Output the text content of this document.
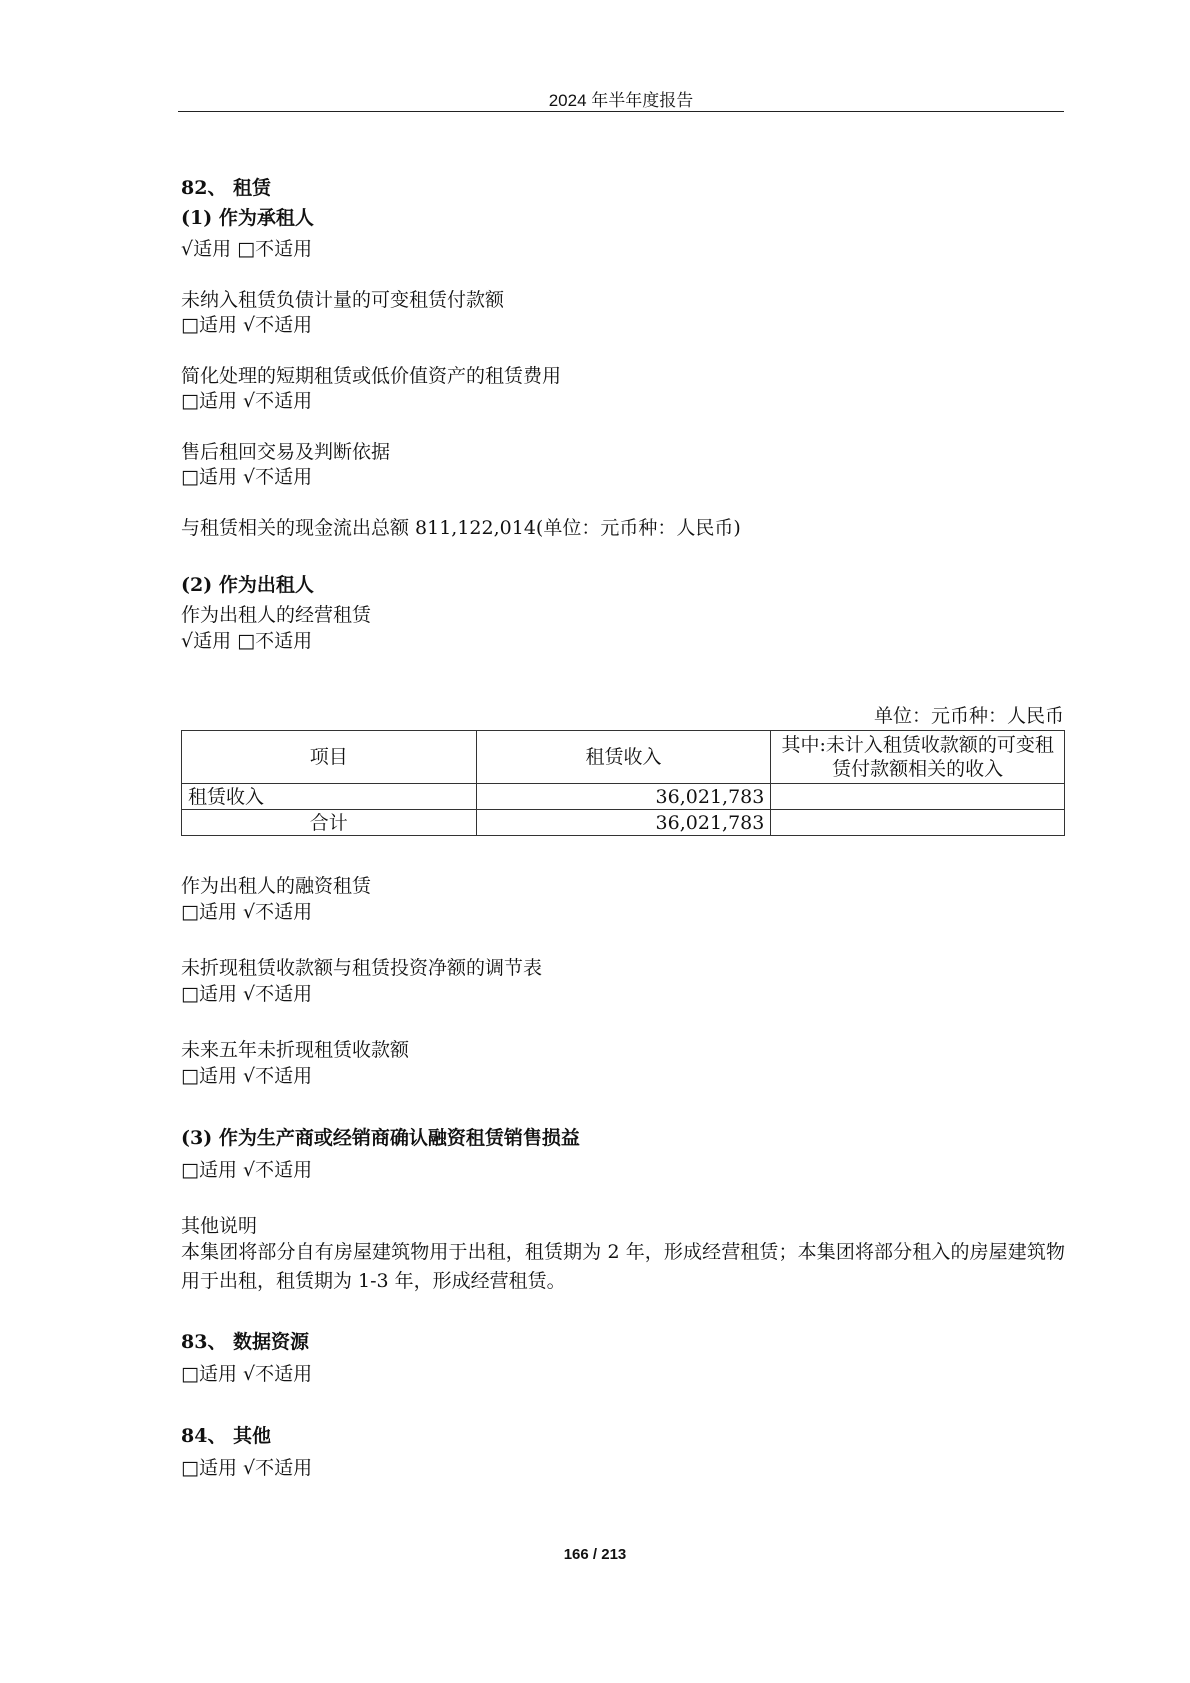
2024 年半年度报告
82、 租赁
(1) 作为承租人
√适用 □不适用
未纳入租赁负债计量的可变租赁付款额
□适用 √不适用
简化处理的短期租赁或低价值资产的租赁费用
□适用 √不适用
售后租回交易及判断依据
□适用 √不适用
与租赁相关的现金流出总额 811,122,014(单位：元币种：人民币)
(2) 作为出租人
作为出租人的经营租赁
√适用 □不适用
单位：元币种：人民币
项目	租赁收入	其中:未计入租赁收款额的可变租赁付款额相关的收入
租赁收入	36,021,783	
合计	36,021,783	
作为出租人的融资租赁
□适用 √不适用
未折现租赁收款额与租赁投资净额的调节表
□适用 √不适用
未来五年未折现租赁收款额
□适用 √不适用
(3) 作为生产商或经销商确认融资租赁销售损益
□适用 √不适用
其他说明
本集团将部分自有房屋建筑物用于出租，租赁期为 2 年，形成经营租赁；本集团将部分租入的房屋建筑物用于出租，租赁期为 1-3 年，形成经营租赁。
83、 数据资源
□适用 √不适用
84、 其他
□适用 √不适用
166 / 213
